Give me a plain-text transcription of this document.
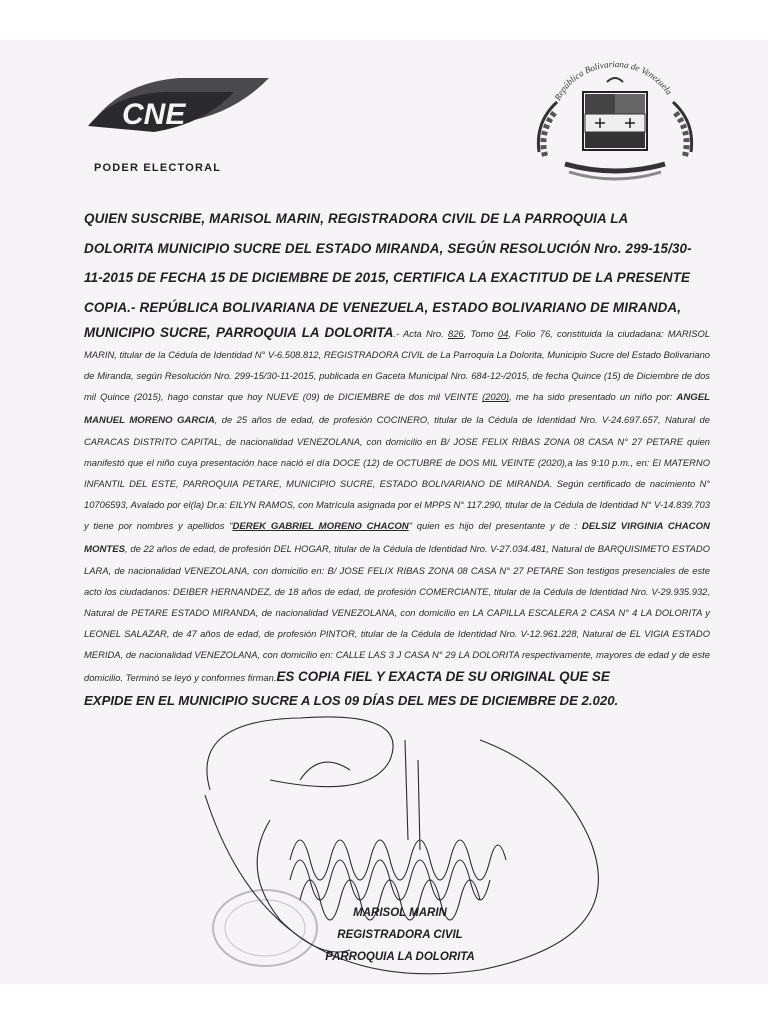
CNE
PODER ELECTORAL
República Bolivariana de Venezuela
QUIEN SUSCRIBE, MARISOL MARIN, REGISTRADORA CIVIL DE LA PARROQUIA LA
DOLORITA MUNICIPIO SUCRE DEL ESTADO MIRANDA, SEGÚN RESOLUCIÓN Nro. 299-15/30-
11-2015 DE FECHA 15 DE DICIEMBRE DE 2015, CERTIFICA LA EXACTITUD DE LA PRESENTE
COPIA.- REPÚBLICA BOLIVARIANA DE VENEZUELA, ESTADO BOLIVARIANO DE MIRANDA,

MUNICIPIO SUCRE, PARROQUIA LA DOLORITA.- Acta Nro. 826, Tomo 04, Folio 76, constituida la ciudadana: MARISOL MARIN, titular de la Cédula de Identidad N° V-6.508.812, REGISTRADORA CIVIL de La Parroquia La Dolorita, Municipio Sucre del Estado Bolivariano de Miranda, según Resolución Nro. 299-15/30-11-2015, publicada en Gaceta Municipal Nro. 684-12-/2015, de fecha Quince (15) de Diciembre de dos mil Quince (2015), hago constar que hoy NUEVE (09) de DICIEMBRE de dos mil VEINTE (2020), me ha sido presentado un niño por: ANGEL MANUEL MORENO GARCIA, de 25 años de edad, de profesión COCINERO, titular de la Cédula de Identidad Nro. V-24.697.657, Natural de CARACAS DISTRITO CAPITAL, de nacionalidad VENEZOLANA, con domicilio en B/ JOSE FELIX RIBAS ZONA 08 CASA N° 27 PETARE quien manifestó que el niño cuya presentación hace nació el día DOCE (12) de OCTUBRE de DOS MIL VEINTE (2020),a las 9:10 p.m., en: El MATERNO INFANTIL DEL ESTE, PARROQUIA PETARE, MUNICIPIO SUCRE, ESTADO BOLIVARIANO DE MIRANDA. Según certificado de nacimiento N° 10706593, Avalado por el(la) Dr.a: EILYN RAMOS, con Matrícula asignada por el MPPS N° 117.290, titular de la Cédula de Identidad N° V-14.839.703 y tiene por nombres y apellidos "DEREK GABRIEL MORENO CHACON" quien es hijo del presentante y de : DELSIZ VIRGINIA CHACON MONTES, de 22 años de edad, de profesión DEL HOGAR, titular de la Cédula de Identidad Nro. V-27.034.481, Natural de BARQUISIMETO ESTADO LARA, de nacionalidad VENEZOLANA, con domicilio en: B/ JOSE FELIX RIBAS ZONA 08 CASA N° 27 PETARE Son testigos presenciales de este acto los ciudadanos: DEIBER HERNANDEZ, de 18 años de edad, de profesión COMERCIANTE, titular de la Cédula de Identidad Nro. V-29.935.932, Natural de PETARE ESTADO MIRANDA, de nacionalidad VENEZOLANA, con domicilio en LA CAPILLA ESCALERA 2 CASA N° 4 LA DOLORITA y LEONEL SALAZAR, de 47 años de edad, de profesión PINTOR, titular de la Cédula de Identidad Nro. V-12.961.228, Natural de EL VIGIA ESTADO MERIDA, de nacionalidad VENEZOLANA, con domicilio en: CALLE LAS 3 J CASA N° 29 LA DOLORITA respectivamente, mayores de edad y de este domicilio. Terminó se leyó y conformes firman.ES COPIA FIEL Y EXACTA DE SU ORIGINAL QUE SE

EXPIDE EN EL MUNICIPIO SUCRE A LOS 09 DÍAS DEL MES DE DICIEMBRE DE 2.020.

MARISOL MARIN
REGISTRADORA CIVIL
PARROQUIA LA DOLORITA
